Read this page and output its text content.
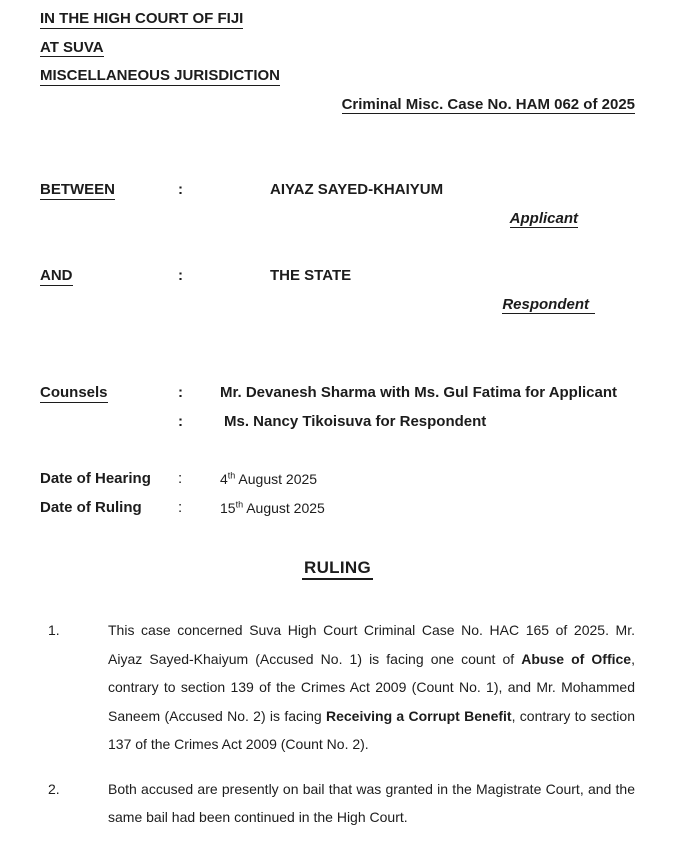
IN THE HIGH COURT OF FIJI
AT SUVA
MISCELLANEOUS JURISDICTION
Criminal Misc. Case No. HAM 062 of 2025
BETWEEN	:	AIYAZ SAYED-KHAIYUM
Applicant
AND	:	THE STATE
Respondent
Counsels	:	Mr. Devanesh Sharma with Ms. Gul Fatima for Applicant
:	Ms. Nancy Tikoisuva for Respondent
Date of Hearing	:	4th August 2025
Date of Ruling	:	15th August 2025
RULING
1.	This case concerned Suva High Court Criminal Case No. HAC 165 of 2025. Mr. Aiyaz Sayed-Khaiyum (Accused No. 1) is facing one count of Abuse of Office, contrary to section 139 of the Crimes Act 2009 (Count No. 1), and Mr. Mohammed Saneem (Accused No. 2) is facing Receiving a Corrupt Benefit, contrary to section 137 of the Crimes Act 2009 (Count No. 2).
2.	Both accused are presently on bail that was granted in the Magistrate Court, and the same bail had been continued in the High Court.
